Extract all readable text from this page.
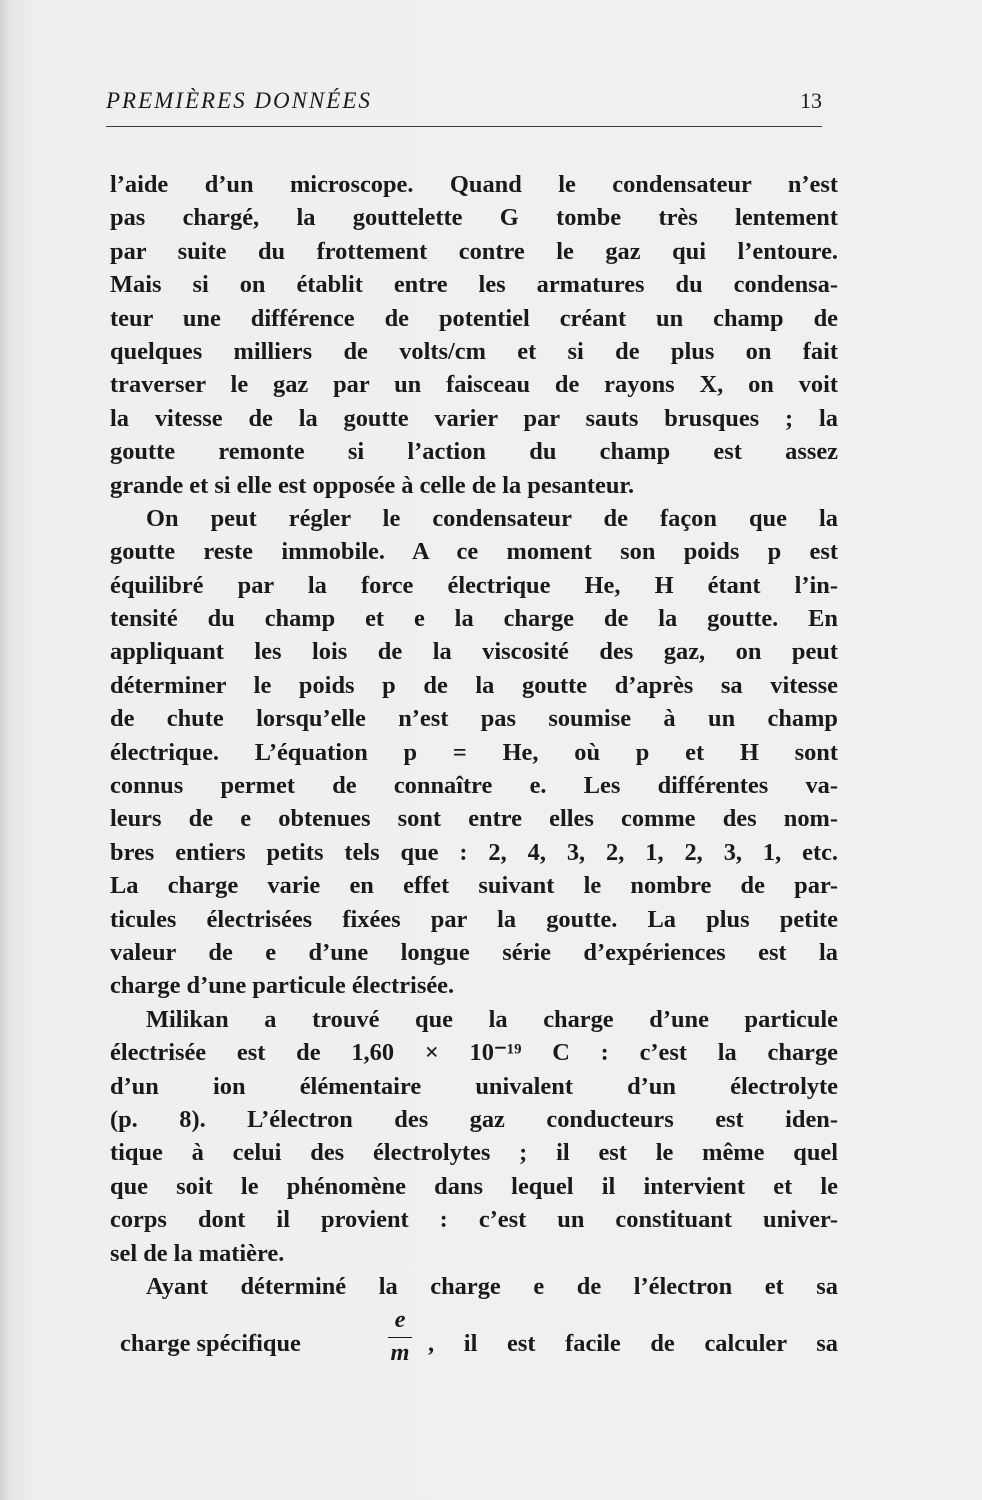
PREMIÈRES DONNÉES	13
l’aide d’un microscope. Quand le condensateur n’est
pas chargé, la gouttelette G tombe très lentement
par suite du frottement contre le gaz qui l’entoure.
Mais si on établit entre les armatures du condensa-
teur une différence de potentiel créant un champ de
quelques milliers de volts/cm et si de plus on fait
traverser le gaz par un faisceau de rayons X, on voit
la vitesse de la goutte varier par sauts brusques ; la
goutte remonte si l’action du champ est assez
grande et si elle est opposée à celle de la pesanteur.
On peut régler le condensateur de façon que la
goutte reste immobile. A ce moment son poids p est
équilibré par la force électrique He, H étant l’in-
tensité du champ et e la charge de la goutte. En
appliquant les lois de la viscosité des gaz, on peut
déterminer le poids p de la goutte d’après sa vitesse
de chute lorsqu’elle n’est pas soumise à un champ
électrique. L’équation p = He, où p et H sont
connus permet de connaître e. Les différentes va-
leurs de e obtenues sont entre elles comme des nom-
bres entiers petits tels que : 2, 4, 3, 2, 1, 2, 3, 1, etc.
La charge varie en effet suivant le nombre de par-
ticules électrisées fixées par la goutte. La plus petite
valeur de e d’une longue série d’expériences est la
charge d’une particule électrisée.
Milikan a trouvé que la charge d’une particule
électrisée est de 1,60 × 10⁻¹⁹ C : c’est la charge
d’un ion élémentaire univalent d’un électrolyte
(p. 8). L’électron des gaz conducteurs est iden-
tique à celui des électrolytes ; il est le même quel
que soit le phénomène dans lequel il intervient et le
corps dont il provient : c’est un constituant univer-
sel de la matière.
Ayant déterminé la charge e de l’électron et sa
charge spécifique
e
m , il est facile de calculer sa
